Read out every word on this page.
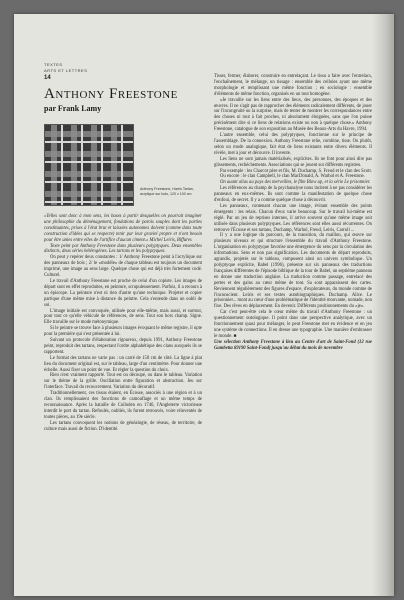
TEXTES
ARTS ET LETTRES
14
Anthony Freestone
par Frank Lamy
Anthony Freestone, Harris Tartan, acrylique sur bois, 120 x 100 cm

«Telles sont donc à mon sens, les bases à partir desquelles on pourrait imaginer une philosophie du déménagement, fondations de parois souples dont les parties constituantes, prises à l'état brut et laissées autonomes doivent (comme dans toute construction d'idées qui se respecte) tenir par leur gravité propre et n'ont besoin pour être unies entre elles de l'artifice d'aucun ciment.» Michel Leiris, Biffures

Texte peint par Anthony Freestone dans plusieurs polyptyques. Deux ensembles distincts, deux séries hétérogènes. Les tartans et les polyptyques.

On peut y repérer deux constantes : 1/ Anthony Freestone peint à l'acrylique sur des panneaux de bois ; 2/ le «modèle» de chaque tableau est toujours un document imprimé, une image au sens large. Quelque chose qui est déjà très fortement codé. Culturel.

Le travail d'Anthony Freestone est proche de celui d'un copiste. Les images de départ sont en effet reproduites, en peinture, scrupuleusement. Parfois, il a recours à un épiscope. La peinture n'est ni rien d'autre qu'une technique. Projeter et copier partique d'une même mise à distance du peintre. Cela s'entende dans un oubli de soi.

L'image initiale est convoquée, utilisée pour elle-même, mais aussi, et surtout, pour tout ce qu'elle véhicule de références, de sens. Tout son hors champ. Signe. Elle travaille sur le mode métonymique.

Si le peintre se trouve face à plusieurs images évoquant le même registre, il opte pour la première qui s'est présentée à lui.

Suivant un protocole d'élaboration rigoureux, depuis 1991, Anthony Freestone peint, reproduit des tartans, respectant l'ordre alphabétique des clans auxquels ils se rapportent.

Le format des tartans ne varie pas : un carré de 150 cm de côté. La ligne à plat lieu du document original est, sur le tableau, large d'un centimètre. Pour donner une échelle. Aussi fixer un point de vue. Et régler la question du choix.

Rien n'est vraiment rapporté. Tout est ou découpé, ou dans le tableau. Variation sur le thème de la grille. Oscillation entre figuration et abstraction. Jeu sur l'interface. Travail du recouvrement. Variation du décoratif.

Traditionnellement, ces tissus étaient, en Écosse, associés à une région et à un clan. Ils remplissaient des fonctions de camouflage et un même temps de reconnaissance. Après la bataille de Culloden en 1746, l'Angleterre victorieuse interdit le port du tartan. Refoulés, oubliés, ils furent retrouvés, voire réinventés de toutes pièces, au 19e siècle.

Les tartans convoquent les notions de généalogie, de réseau, de territoire, de culture mais aussi de fiction. D'identité.

Tisser, fermer, élaborer, construire en entrelaçant. Le tissu a faire avec l'entrelacs, l'enchaînement, le mélange, un tissage : ensemble des cellules ayant une même morphologie et remplissant une même fonction ; en sociologie : ensemble d'éléments de même fonction, organisés en un tout homogène.

«Je travaille sur les liens entre des lieux, des personnes, des époques et des œuvres. Il ne s'agit pas de rapprocher des éléments radicalement différents, de jouer sur l'incongruité ou la surprise, mais de tenter de montrer les correspondances entre des choses ni tout à fait proches, ni absolument éloignées, sans que l'on puisse précisément dire si ce liens de relations existe ou non à quelque chose.» Anthony Freestone, catalogue de son exposition au Musée des Beaux-Arts du Havre, 1994.

L'autre ensemble, celui des polyptyques, fonctionne sur le principe de l'assemblage. De la connexion. Anthony Freestone relie, combine, tisse. Ou plutôt, selon un mode analogique, fait état de liens existants entre divers éléments. Il révèle, met à jour et découvre. Il invente.

Les liens ne sont jamais matérialisés, explicites. Ils ne font pour ainsi dire pas glissements, rechèchements. Associations qui se jouent sur différents registres.

Par exemple : les Charcot père et fils, M. Duchamp, S. Freud et le clan des Scott.

Ou encore : le clan Campbell, le clan MacDonald, A. Warhol et A. Freestone.

On auant alias au pays des merveilles, le film Blow up, et la série Le prisonnier.

Les références au champ de la psychanalyse nous incitent à ne pas considérer les panneaux en eux-mêmes. Ils sont comme la manifestation de quelque chose d'enfoui, de secret. Il y a comme quelque chose à découvrir.

Les panneaux, contenant chacun une image, évitant ensemble des points émergents : les relais. Chacun d'eux varie beaucoup. Sur le travail lui-même est réglé. Par un jeu de reprises internes, il arrive souvent qu'une même image soit utilisée dans plusieurs polyptyques. Les références sont elles aussi récurrentes. On retrouve l'Écosse et ses tartans, Duchamp, Warhol, Freud, Leiris, Carroll ...

Il y a une logique du parcours, de la transition, du maillon, qui œuvre sur plusieurs niveaux et qui structure l'ensemble du travail d'Anthony Freestone. L'organisation en polyptyque favorise une émergence du sens par la circulation des informations. Sens et non pas signification. Les documents de départ reproduits, agrandis, projetés sur le tableau, composent ainsi un univers symbolique. Un polyptyque explicite, Babel (1996), présente sur six panneaux des traductions françaises différentes de l'épisode biblique de la tour de Babel, un septième panneau en donne une traduction anglaise. La traduction comme passage, entrelacé des pertes et des gains au cœur même de tout. Sa sont apparaissent des cartes. Reviennent régulièrement des figures d'espace, d'explorateurs, du monde comme de l'inconscient. Leiris et ses textes autobiographiques. Duchamp. Alice. Le prisonnier... mont au cœur d'une problématique de l'identité mouvante, nomade, non fixe. Des rêves en déplacement. En devenir. Différents positionnements du «je».

Car c'est peut-être cela le cœur même du travail d'Anthony Freestone : un questionnement ontologique. Il point dans une perspective analytique, avec un fonctionnement quasi pour mélanger, le peut Freestone met en évidence et en jeu une système de connections. Il en dresse une typographie. Une manière d'embrasser le monde. ■

Une sélection Anthony Freestone à lieu au Centre d'art de Saint-Fond (12 rue Gambetta 69190 Saint-Fond) jusqu'au début du mois de novembre
